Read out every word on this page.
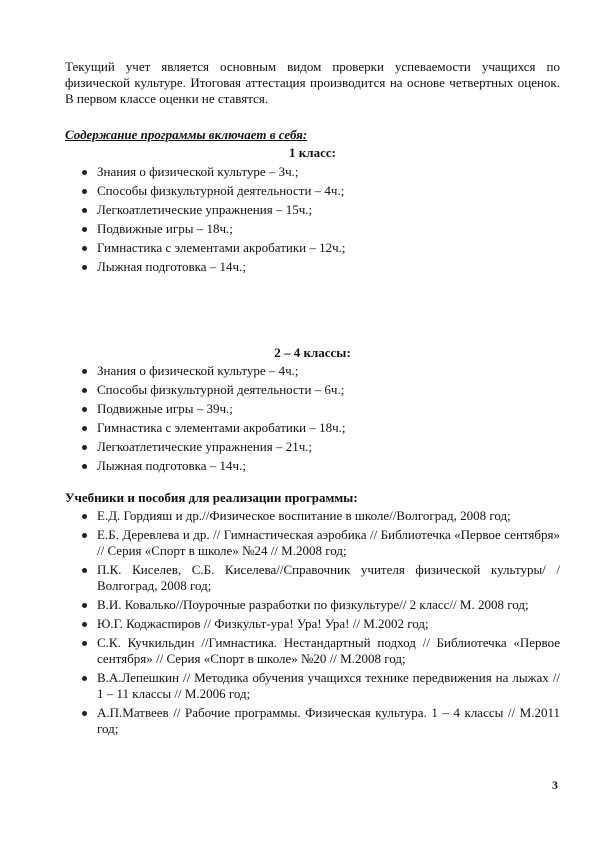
Текущий учет является основным видом проверки успеваемости учащихся по физической культуре. Итоговая аттестация производится на основе четвертных оценок. В первом классе оценки не ставятся.
Содержание программы включает в себя:
1 класс:
Знания о физической культуре – 3ч.;
Способы физкультурной деятельности – 4ч.;
Легкоатлетические упражнения – 15ч.;
Подвижные игры – 18ч.;
Гимнастика с элементами акробатики – 12ч.;
Лыжная подготовка – 14ч.;
2 – 4 классы:
Знания о физической культуре – 4ч.;
Способы физкультурной деятельности – 6ч.;
Подвижные игры – 39ч.;
Гимнастика с элементами акробатики – 18ч.;
Легкоатлетические упражнения – 21ч.;
Лыжная подготовка – 14ч.;
Учебники и пособия для реализации программы:
Е.Д. Гордияш и др.//Физическое воспитание в школе//Волгоград, 2008 год;
Е.Б. Деревлева и др. // Гимнастическая аэробика // Библиотечка «Первое сентября» // Серия «Спорт в школе» №24 // М.2008 год;
П.К. Киселев, С.Б. Киселева//Справочник учителя физической культуры/ / Волгоград, 2008 год;
В.И. Ковалько//Поурочные разработки по физкультуре// 2 класс// М. 2008 год;
Ю.Г. Коджаспиров // Физкульт-ура! Ура! Ура! // М.2002 год;
С.К. Кучкильдин //Гимнастика. Нестандартный подход // Библиотечка «Первое сентября» // Серия «Спорт в школе» №20 // М.2008 год;
В.А.Лепешкин // Методика обучения учащихся технике передвижения на лыжах // 1 – 11 классы // М.2006 год;
А.П.Матвеев // Рабочие программы. Физическая культура. 1 – 4 классы // М.2011 год;
3
